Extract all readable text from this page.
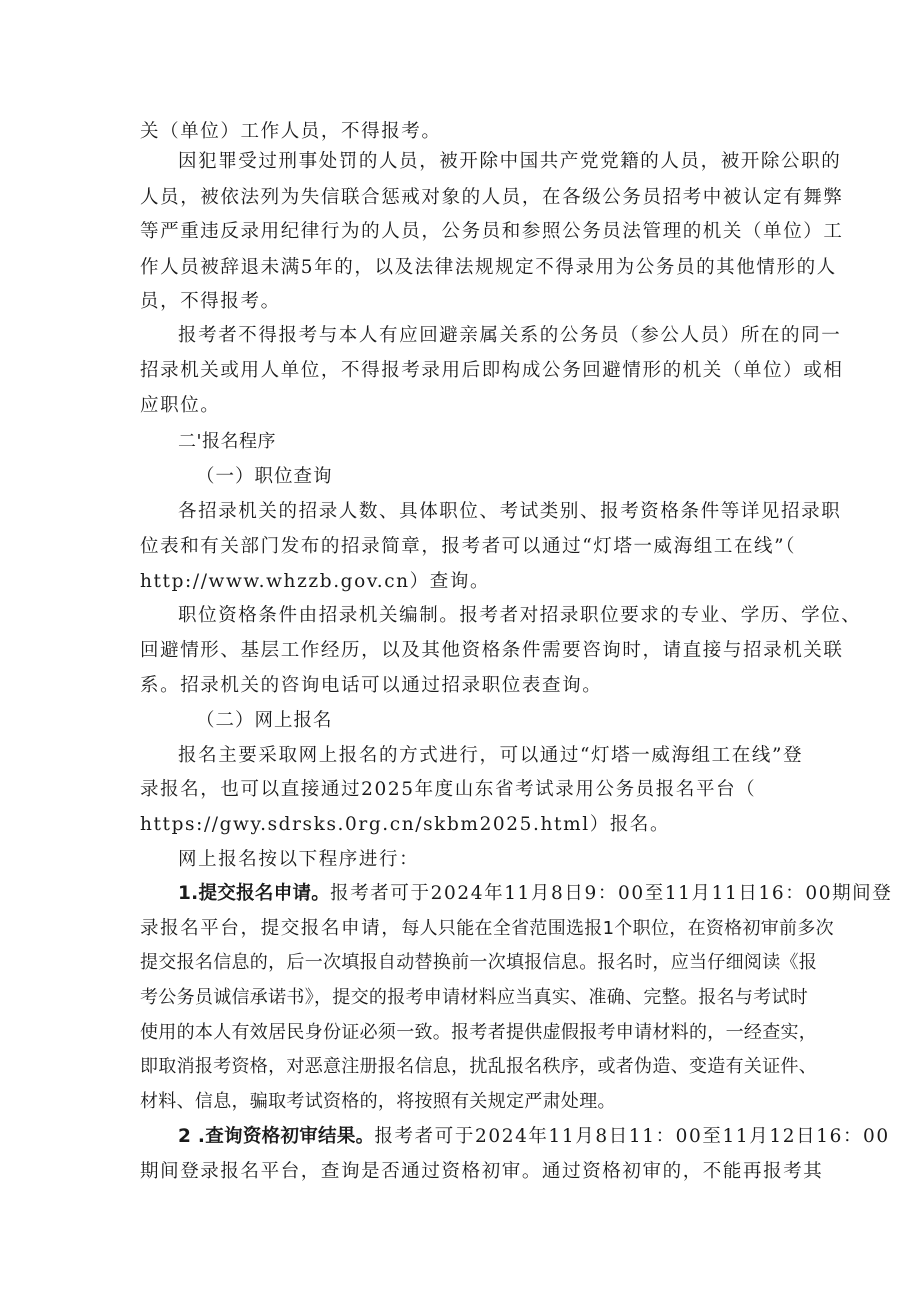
关（单位）工作人员，不得报考。
因犯罪受过刑事处罚的人员，被开除中国共产党党籍的人员，被开除公职的
人员，被依法列为失信联合惩戒对象的人员，在各级公务员招考中被认定有舞弊
等严重违反录用纪律行为的人员，公务员和参照公务员法管理的机关（单位）工
作人员被辞退未满5年的，以及法律法规规定不得录用为公务员的其他情形的人
员，不得报考。
报考者不得报考与本人有应回避亲属关系的公务员（参公人员）所在的同一
招录机关或用人单位，不得报考录用后即构成公务回避情形的机关（单位）或相
应职位。
二'报名程序
（一）职位查询
各招录机关的招录人数、具体职位、考试类别、报考资格条件等详见招录职
位表和有关部门发布的招录简章，报考者可以通过“灯塔一威海组工在线”（
http://www.whzzb.gov.cn）查询。
职位资格条件由招录机关编制。报考者对招录职位要求的专业、学历、学位、
回避情形、基层工作经历，以及其他资格条件需要咨询时，请直接与招录机关联
系。招录机关的咨询电话可以通过招录职位表查询。
（二）网上报名
报名主要采取网上报名的方式进行，可以通过“灯塔一威海组工在线”登
录报名，也可以直接通过2025年度山东省考试录用公务员报名平台（
https://gwy.sdrsks.0rg.cn/skbm2025.html）报名。
网上报名按以下程序进行：
1.提交报名申请。报考者可于2024年11月8日9：00至11月11日16：00期间登
录报名平台，提交报名申请，每人只能在全省范围选报1个职位，在资格初审前多次
提交报名信息的，后一次填报自动替换前一次填报信息。报名时，应当仔细阅读《报
考公务员诚信承诺书》，提交的报考申请材料应当真实、准确、完整。报名与考试时
使用的本人有效居民身份证必须一致。报考者提供虚假报考申请材料的，一经查实，
即取消报考资格，对恶意注册报名信息，扰乱报名秩序，或者伪造、变造有关证件、
材料、信息，骗取考试资格的，将按照有关规定严肃处理。
2 .查询资格初审结果。报考者可于2024年11月8日11：00至11月12日16：00
期间登录报名平台，查询是否通过资格初审。通过资格初审的，不能再报考其
